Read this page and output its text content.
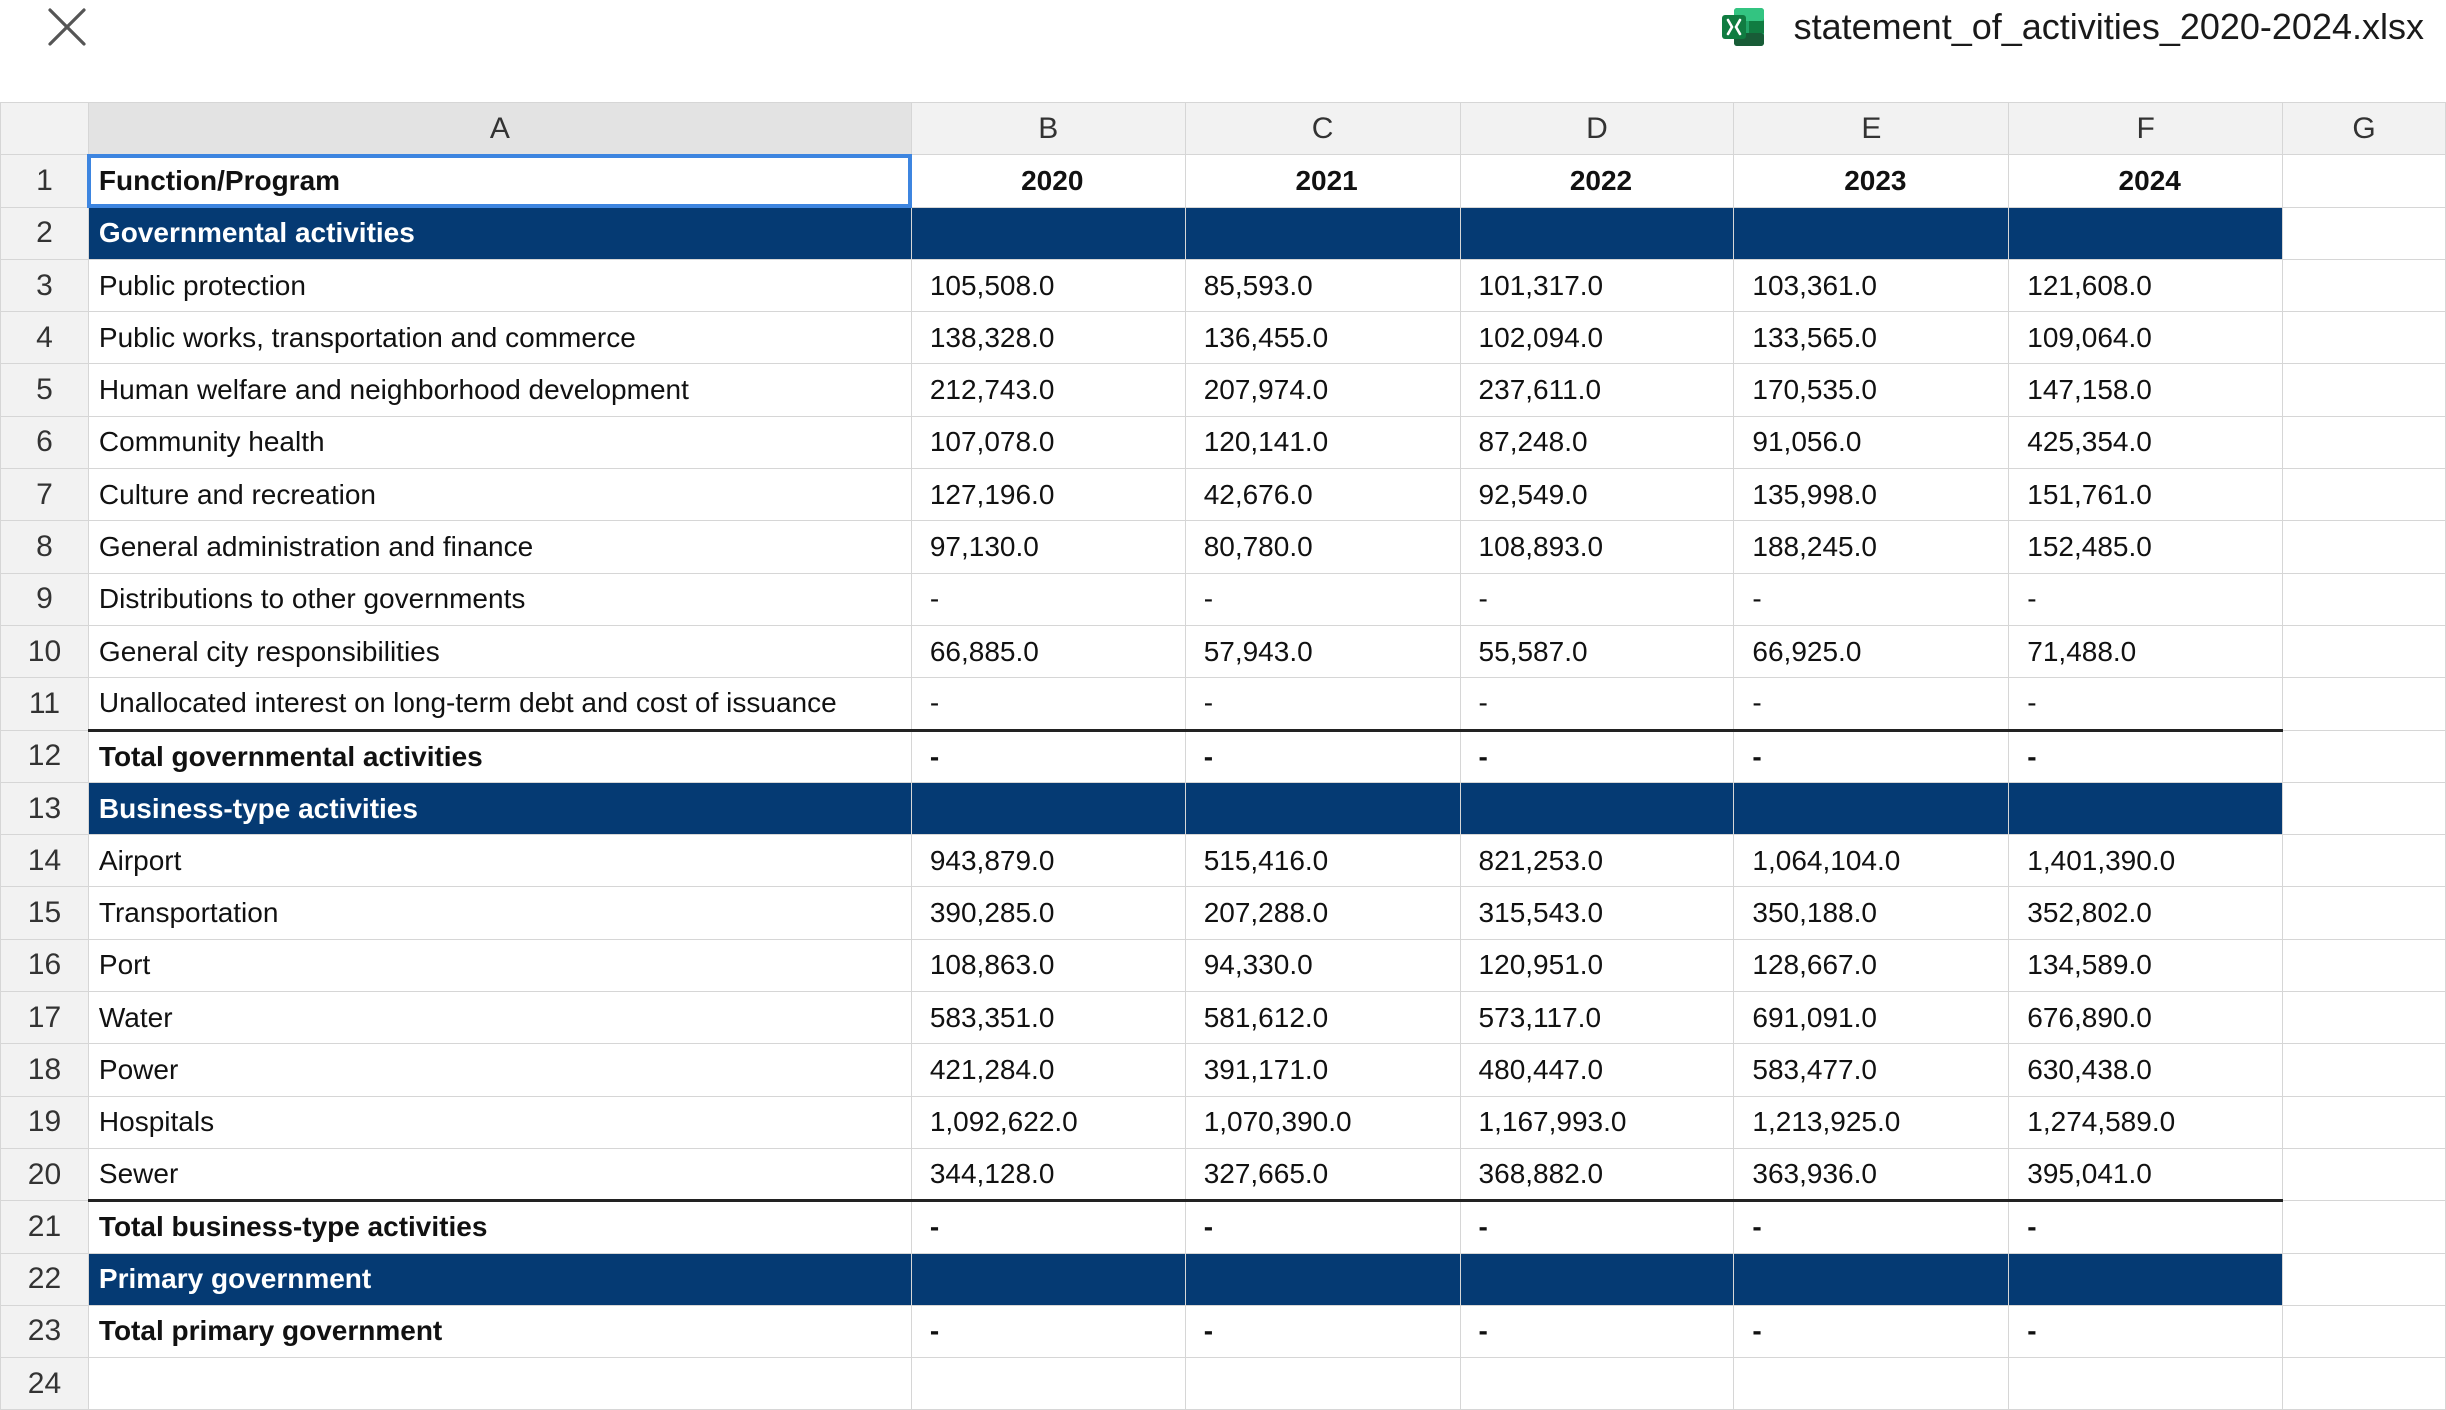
statement_of_activities_2020-2024.xlsx
	A	B	C	D	E	F	G
1	Function/Program	2020	2021	2022	2023	2024	
2	Governmental activities						
3	Public protection	105,508.0	85,593.0	101,317.0	103,361.0	121,608.0	
4	Public works, transportation and commerce	138,328.0	136,455.0	102,094.0	133,565.0	109,064.0	
5	Human welfare and neighborhood development	212,743.0	207,974.0	237,611.0	170,535.0	147,158.0	
6	Community health	107,078.0	120,141.0	87,248.0	91,056.0	425,354.0	
7	Culture and recreation	127,196.0	42,676.0	92,549.0	135,998.0	151,761.0	
8	General administration and finance	97,130.0	80,780.0	108,893.0	188,245.0	152,485.0	
9	Distributions to other governments	-	-	-	-	-	
10	General city responsibilities	66,885.0	57,943.0	55,587.0	66,925.0	71,488.0	
11	Unallocated interest on long-term debt and cost of issuance	-	-	-	-	-	
12	Total governmental activities	-	-	-	-	-	
13	Business-type activities						
14	Airport	943,879.0	515,416.0	821,253.0	1,064,104.0	1,401,390.0	
15	Transportation	390,285.0	207,288.0	315,543.0	350,188.0	352,802.0	
16	Port	108,863.0	94,330.0	120,951.0	128,667.0	134,589.0	
17	Water	583,351.0	581,612.0	573,117.0	691,091.0	676,890.0	
18	Power	421,284.0	391,171.0	480,447.0	583,477.0	630,438.0	
19	Hospitals	1,092,622.0	1,070,390.0	1,167,993.0	1,213,925.0	1,274,589.0	
20	Sewer	344,128.0	327,665.0	368,882.0	363,936.0	395,041.0	
21	Total business-type activities	-	-	-	-	-	
22	Primary government						
23	Total primary government	-	-	-	-	-	
24							
